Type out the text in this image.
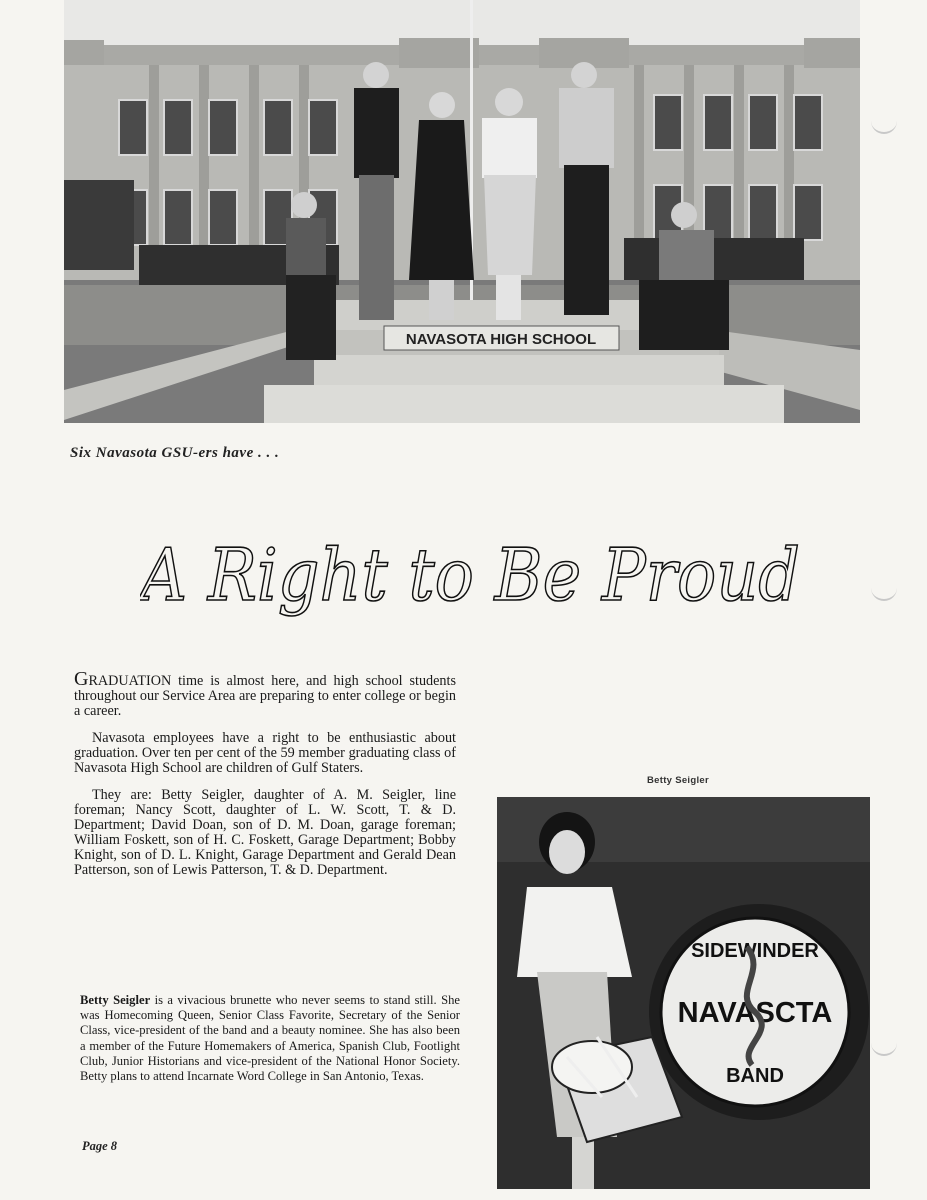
NAVASOTA HIGH SCHOOL
Six Navasota GSU-ers have . . .
A Right to Be Proud

GRADUATION time is almost here, and high school students throughout our Service Area are preparing to enter college or begin a career.

Navasota employees have a right to be enthusiastic about graduation. Over ten per cent of the 59 member graduating class of Navasota High School are children of Gulf Staters.

They are: Betty Seigler, daughter of A. M. Seigler, line foreman; Nancy Scott, daughter of L. W. Scott, T. & D. Department; David Doan, son of D. M. Doan, garage foreman; William Foskett, son of H. C. Foskett, Garage Department; Bobby Knight, son of D. L. Knight, Garage Department and Gerald Dean Patterson, son of Lewis Patterson, T. & D. Department.

Betty Seigler
SIDEWINDER
NAVASCTA
BAND
Betty Seigler is a vivacious brunette who never seems to stand still. She was Homecoming Queen, Senior Class Favorite, Secretary of the Senior Class, vice-president of the band and a beauty nominee. She has also been a member of the Future Homemakers of America, Spanish Club, Footlight Club, Junior Historians and vice-president of the National Honor Society. Betty plans to attend Incarnate Word College in San Antonio, Texas.
Page 8
